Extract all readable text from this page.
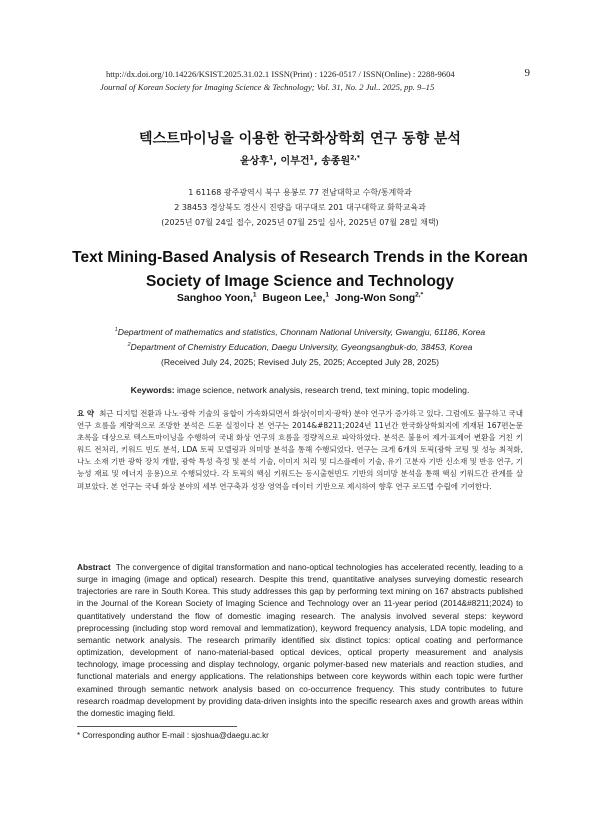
http://dx.doi.org/10.14226/KSIST.2025.31.02.1 ISSN(Print) : 1226-0517 / ISSN(Online) : 2288-9604
Journal of Korean Society for Imaging Science & Technology; Vol. 31, No. 2 Jul.. 2025, pp. 9–15
9
텍스트마이닝을 이용한 한국화상학회 연구 동향 분석
윤상후$^1$, 이부건$^1$, 송종원$^{2,*}$
1 61168 광주광역시 북구 용봉로 77 전남대학교 수학/통계학과
2 38453 경상북도 경산시 진량읍 대구대로 201 대구대학교 화학교육과
(2025년 07월 24일 접수, 2025년 07월 25일 심사, 2025년 07월 28일 채택)
Text Mining-Based Analysis of Research Trends in the Korean Society of Image Science and Technology
Sanghoo Yoon,$^1$ Bugeon Lee,$^1$ Jong-Won Song$^{2,*}$
$^1$Department of mathematics and statistics, Chonnam National University, Gwangju, 61186, Korea
$^2$Department of Chemistry Education, Daegu University, Gyeongsangbuk-do, 38453, Korea
(Received July 24, 2025; Revised July 25, 2025; Accepted July 28, 2025)
Keywords: image science, network analysis, research trend, text mining, topic modeling.
요 약 최근 디지털 전환과 나노·광학 기술의 융합이 가속화되면서 화상(이미지·광학) 분야 연구가 증가하고 있다. 그럼에도 불구하고 국내 연구 흐름을 계량적으로 조망한 분석은 드문 실정이다 본 연구는 2014&#8211;2024년 11년간 한국화상학회지에 게재된 167편논문 초록을 대상으로 텍스트마이닝을 수행하여 국내 화상 연구의 흐름을 정량적으로 파악하였다. 분석은 불용어 제거·표제어 변환을 거친 키워드 전처리, 키워드 빈도 분석, LDA 토픽 모델링과 의미망 분석을 통해 수행되었다. 연구는 크게 6개의 토픽(광학 코팅 및 성능 최적화, 나노 소재 기반 광학 장치 개발, 광학 특성 측정 및 분석 기술, 이미지 처리 및 디스플레이 기술, 유기 고분자 기반 신소재 및 반응 연구, 기능성 재료 및 에너지 응용)으로 수행되었다. 각 토픽의 핵심 키워드는 동시출현빈도 기반의 의미망 분석을 통해 핵심 키워드간 관계를 살펴보았다. 본 연구는 국내 화상 분야의 세부 연구축과 성장 영역을 데이터 기반으로 제시하여 향후 연구 로드맵 수립에 기여한다.
Abstract The convergence of digital transformation and nano-optical technologies has accelerated recently, leading to a surge in imaging (image and optical) research. Despite this trend, quantitative analyses surveying domestic research trajectories are rare in South Korea. This study addresses this gap by performing text mining on 167 abstracts published in the Journal of the Korean Society of Imaging Science and Technology over an 11-year period (2014&#8211;2024) to quantitatively understand the flow of domestic imaging research. The analysis involved several steps: keyword preprocessing (including stop word removal and lemmatization), keyword frequency analysis, LDA topic modeling, and semantic network analysis. The research primarily identified six distinct topics: optical coating and performance optimization, development of nano-material-based optical devices, optical property measurement and analysis technology, image processing and display technology, organic polymer-based new materials and reaction studies, and functional materials and energy applications. The relationships between core keywords within each topic were further examined through semantic network analysis based on co-occurrence frequency. This study contributes to future research roadmap development by providing data-driven insights into the specific research axes and growth areas within the domestic imaging field.
* Corresponding author E-mail : sjoshua@daegu.ac.kr
